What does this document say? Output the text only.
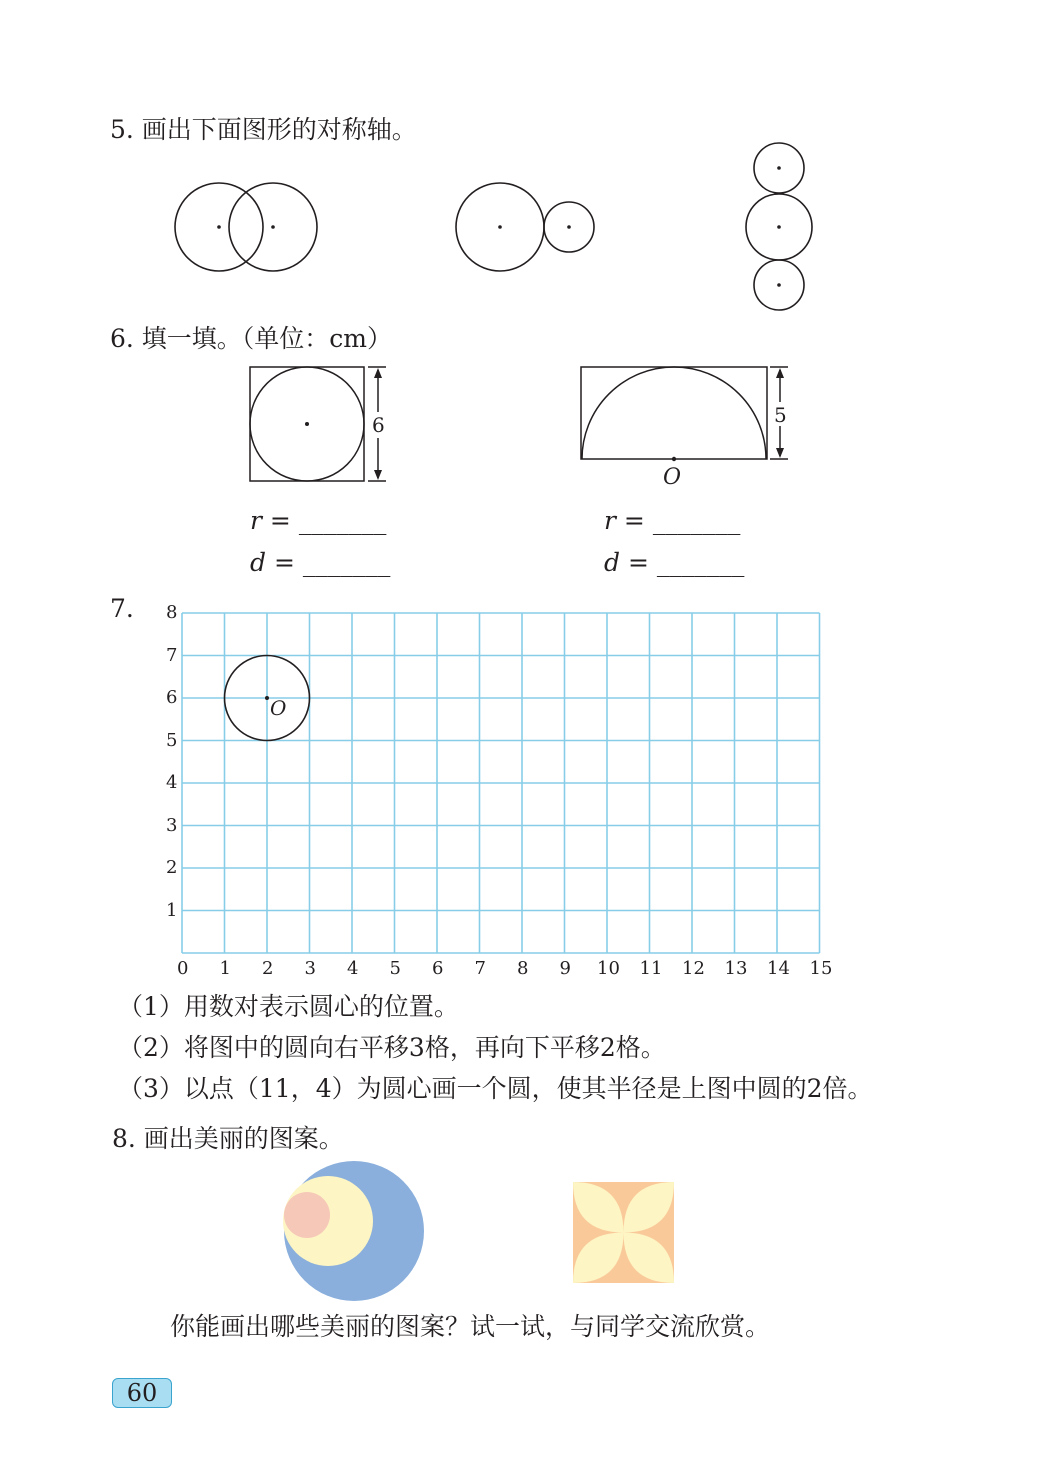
5. 画出下面图形的对称轴。
6. 填一填。（单位：cm）
6	5
O
r = _______
d = _______
r = _______
d = _______
7.
0 1 2 3 4 5 6 7 8 9 10 11 12 13 14 15
1
2
3
4
5
6
7
8
O
（1）用数对表示圆心的位置。
（2）将图中的圆向右平移3格，再向下平移2格。
（3）以点（11，4）为圆心画一个圆，使其半径是上图中圆的2倍。
8. 画出美丽的图案。
你能画出哪些美丽的图案？试一试，与同学交流欣赏。
60
